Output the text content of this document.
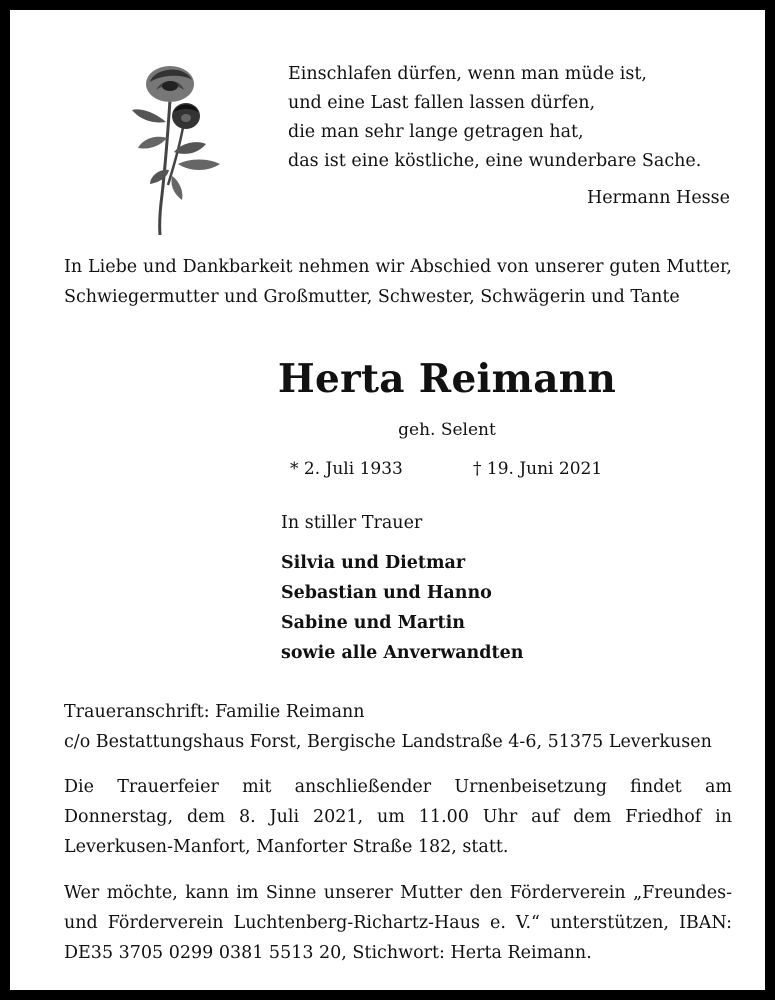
Einschlafen dürfen, wenn man müde ist,
und eine Last fallen lassen dürfen,
die man sehr lange getragen hat,
das ist eine köstliche, eine wunderbare Sache.
Hermann Hesse

In Liebe und Dankbarkeit nehmen wir Abschied von unserer guten Mutter, Schwiegermutter und Großmutter, Schwester, Schwägerin und Tante

Herta Reimann
geh. Selent
* 2. Juli 1933	† 19. Juni 2021
In stiller Trauer
Silvia und Dietmar
Sebastian und Hanno
Sabine und Martin
sowie alle Anverwandten
Traueranschrift: Familie Reimann
c/o Bestattungshaus Forst, Bergische Landstraße 4-6, 51375 Leverkusen

Die Trauerfeier mit anschließender Urnenbeisetzung findet am Donnerstag, dem 8. Juli 2021, um 11.00 Uhr auf dem Friedhof in Leverkusen-Manfort, Manforter Straße 182, statt.

Wer möchte, kann im Sinne unserer Mutter den Förderverein „Freundes- und Förderverein Luchtenberg-Richartz-Haus e. V.“ unterstützen, IBAN: DE35 3705 0299 0381 5513 20, Stichwort: Herta Reimann.
